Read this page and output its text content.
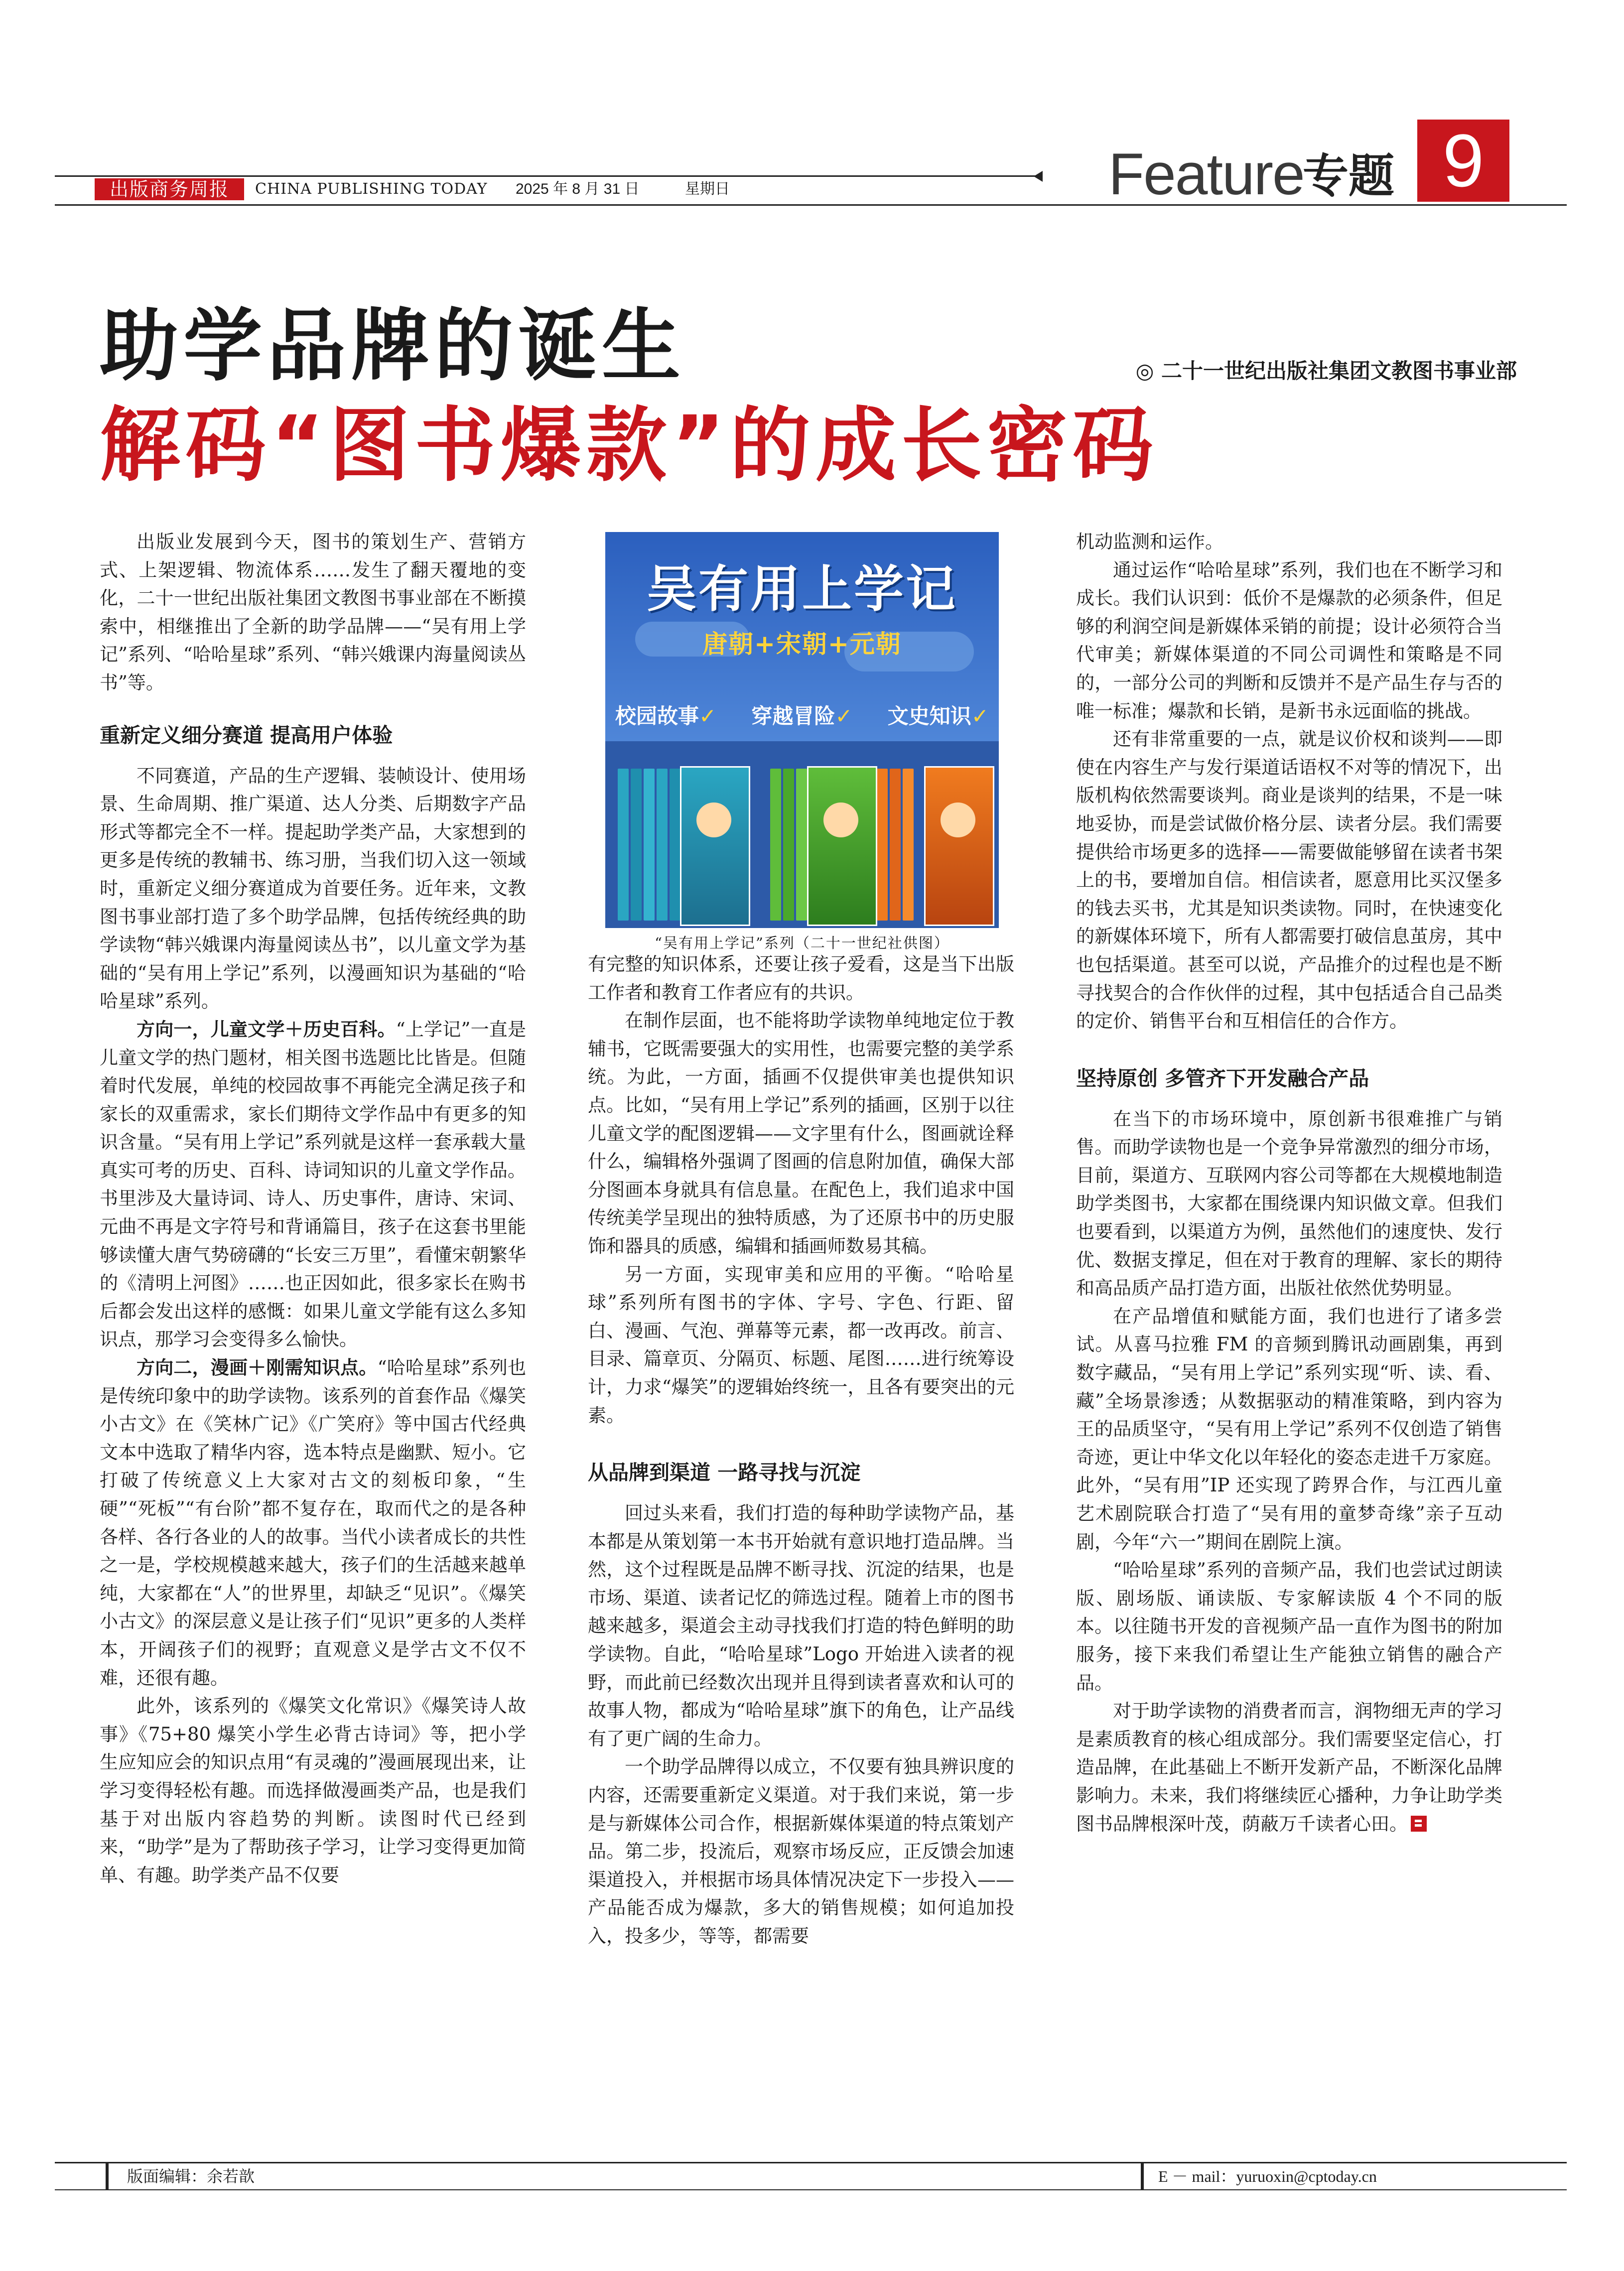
出版商务周报	CHINA PUBLISHING TODAY 2025 年 8 月 31 日	星期日	Feature
专题 9
助学品牌的诞生
解码“图书爆款”的成长密码
◎ 二十一世纪出版社集团文教图书事业部

出版业发展到今天，图书的策划生产、营销方式、上架逻辑、物流体系……发生了翻天覆地的变化，二十一世纪出版社集团文教图书事业部在不断摸索中，相继推出了全新的助学品牌——“吴有用上学记”系列、“哈哈星球”系列、“韩兴娥课内海量阅读丛书”等。

重新定义细分赛道 提高用户体验

不同赛道，产品的生产逻辑、装帧设计、使用场景、生命周期、推广渠道、达人分类、后期数字产品形式等都完全不一样。提起助学类产品，大家想到的更多是传统的教辅书、练习册，当我们切入这一领域时，重新定义细分赛道成为首要任务。近年来，文教图书事业部打造了多个助学品牌，包括传统经典的助学读物“韩兴娥课内海量阅读丛书”，以儿童文学为基础的“吴有用上学记”系列，以漫画知识为基础的“哈哈星球”系列。

方向一，儿童文学＋历史百科。“上学记”一直是儿童文学的热门题材，相关图书选题比比皆是。但随着时代发展，单纯的校园故事不再能完全满足孩子和家长的双重需求，家长们期待文学作品中有更多的知识含量。“吴有用上学记”系列就是这样一套承载大量真实可考的历史、百科、诗词知识的儿童文学作品。书里涉及大量诗词、诗人、历史事件，唐诗、宋词、元曲不再是文字符号和背诵篇目，孩子在这套书里能够读懂大唐气势磅礴的“长安三万里”，看懂宋朝繁华的《清明上河图》……也正因如此，很多家长在购书后都会发出这样的感慨：如果儿童文学能有这么多知识点，那学习会变得多么愉快。

方向二，漫画＋刚需知识点。“哈哈星球”系列也是传统印象中的助学读物。该系列的首套作品《爆笑小古文》在《笑林广记》《广笑府》等中国古代经典文本中选取了精华内容，选本特点是幽默、短小。它打破了传统意义上大家对古文的刻板印象，“生硬”“死板”“有台阶”都不复存在，取而代之的是各种各样、各行各业的人的故事。当代小读者成长的共性之一是，学校规模越来越大，孩子们的生活越来越单纯，大家都在“人”的世界里，却缺乏“见识”。《爆笑小古文》的深层意义是让孩子们“见识”更多的人类样本，开阔孩子们的视野；直观意义是学古文不仅不难，还很有趣。

此外，该系列的《爆笑文化常识》《爆笑诗人故事》《75+80 爆笑小学生必背古诗词》等，把小学生应知应会的知识点用“有灵魂的”漫画展现出来，让学习变得轻松有趣。而选择做漫画类产品，也是我们基于对出版内容趋势的判断。读图时代已经到来，“助学”是为了帮助孩子学习，让学习变得更加简单、有趣。助学类产品不仅要

吴有用上学记
唐朝+宋朝+元朝
校园故事✓ 穿越冒险✓ 文史知识✓
“吴有用上学记”系列（二十一世纪社供图）

有完整的知识体系，还要让孩子爱看，这是当下出版工作者和教育工作者应有的共识。

在制作层面，也不能将助学读物单纯地定位于教辅书，它既需要强大的实用性，也需要完整的美学系统。为此，一方面，插画不仅提供审美也提供知识点。比如，“吴有用上学记”系列的插画，区别于以往儿童文学的配图逻辑——文字里有什么，图画就诠释什么，编辑格外强调了图画的信息附加值，确保大部分图画本身就具有信息量。在配色上，我们追求中国传统美学呈现出的独特质感，为了还原书中的历史服饰和器具的质感，编辑和插画师数易其稿。

另一方面，实现审美和应用的平衡。“哈哈星球”系列所有图书的字体、字号、字色、行距、留白、漫画、气泡、弹幕等元素，都一改再改。前言、目录、篇章页、分隔页、标题、尾图……进行统筹设计，力求“爆笑”的逻辑始终统一，且各有要突出的元素。

从品牌到渠道 一路寻找与沉淀

回过头来看，我们打造的每种助学读物产品，基本都是从策划第一本书开始就有意识地打造品牌。当然，这个过程既是品牌不断寻找、沉淀的结果，也是市场、渠道、读者记忆的筛选过程。随着上市的图书越来越多，渠道会主动寻找我们打造的特色鲜明的助学读物。自此，“哈哈星球”Logo 开始进入读者的视野，而此前已经数次出现并且得到读者喜欢和认可的故事人物，都成为“哈哈星球”旗下的角色，让产品线有了更广阔的生命力。

一个助学品牌得以成立，不仅要有独具辨识度的内容，还需要重新定义渠道。对于我们来说，第一步是与新媒体公司合作，根据新媒体渠道的特点策划产品。第二步，投流后，观察市场反应，正反馈会加速渠道投入，并根据市场具体情况决定下一步投入——产品能否成为爆款，多大的销售规模；如何追加投入，投多少，等等，都需要

机动监测和运作。

通过运作“哈哈星球”系列，我们也在不断学习和成长。我们认识到：低价不是爆款的必须条件，但足够的利润空间是新媒体采销的前提；设计必须符合当代审美；新媒体渠道的不同公司调性和策略是不同的，一部分公司的判断和反馈并不是产品生存与否的唯一标准；爆款和长销，是新书永远面临的挑战。

还有非常重要的一点，就是议价权和谈判——即使在内容生产与发行渠道话语权不对等的情况下，出版机构依然需要谈判。商业是谈判的结果，不是一味地妥协，而是尝试做价格分层、读者分层。我们需要提供给市场更多的选择——需要做能够留在读者书架上的书，要增加自信。相信读者，愿意用比买汉堡多的钱去买书，尤其是知识类读物。同时，在快速变化的新媒体环境下，所有人都需要打破信息茧房，其中也包括渠道。甚至可以说，产品推介的过程也是不断寻找契合的合作伙伴的过程，其中包括适合自己品类的定价、销售平台和互相信任的合作方。

坚持原创 多管齐下开发融合产品

在当下的市场环境中，原创新书很难推广与销售。而助学读物也是一个竞争异常激烈的细分市场，目前，渠道方、互联网内容公司等都在大规模地制造助学类图书，大家都在围绕课内知识做文章。但我们也要看到，以渠道方为例，虽然他们的速度快、发行优、数据支撑足，但在对于教育的理解、家长的期待和高品质产品打造方面，出版社依然优势明显。

在产品增值和赋能方面，我们也进行了诸多尝试。从喜马拉雅 FM 的音频到腾讯动画剧集，再到数字藏品，“吴有用上学记”系列实现“听、读、看、藏”全场景渗透；从数据驱动的精准策略，到内容为王的品质坚守，“吴有用上学记”系列不仅创造了销售奇迹，更让中华文化以年轻化的姿态走进千万家庭。此外，“吴有用”IP 还实现了跨界合作，与江西儿童艺术剧院联合打造了“吴有用的童梦奇缘”亲子互动剧，今年“六一”期间在剧院上演。

“哈哈星球”系列的音频产品，我们也尝试过朗读版、剧场版、诵读版、专家解读版 4 个不同的版本。以往随书开发的音视频产品一直作为图书的附加服务，接下来我们希望让生产能独立销售的融合产品。

对于助学读物的消费者而言，润物细无声的学习是素质教育的核心组成部分。我们需要坚定信心，打造品牌，在此基础上不断开发新产品，不断深化品牌影响力。未来，我们将继续匠心播种，力争让助学类图书品牌根深叶茂，荫蔽万千读者心田。

版面编辑：余若歆	E － mail：yuruoxin@cptoday.cn
